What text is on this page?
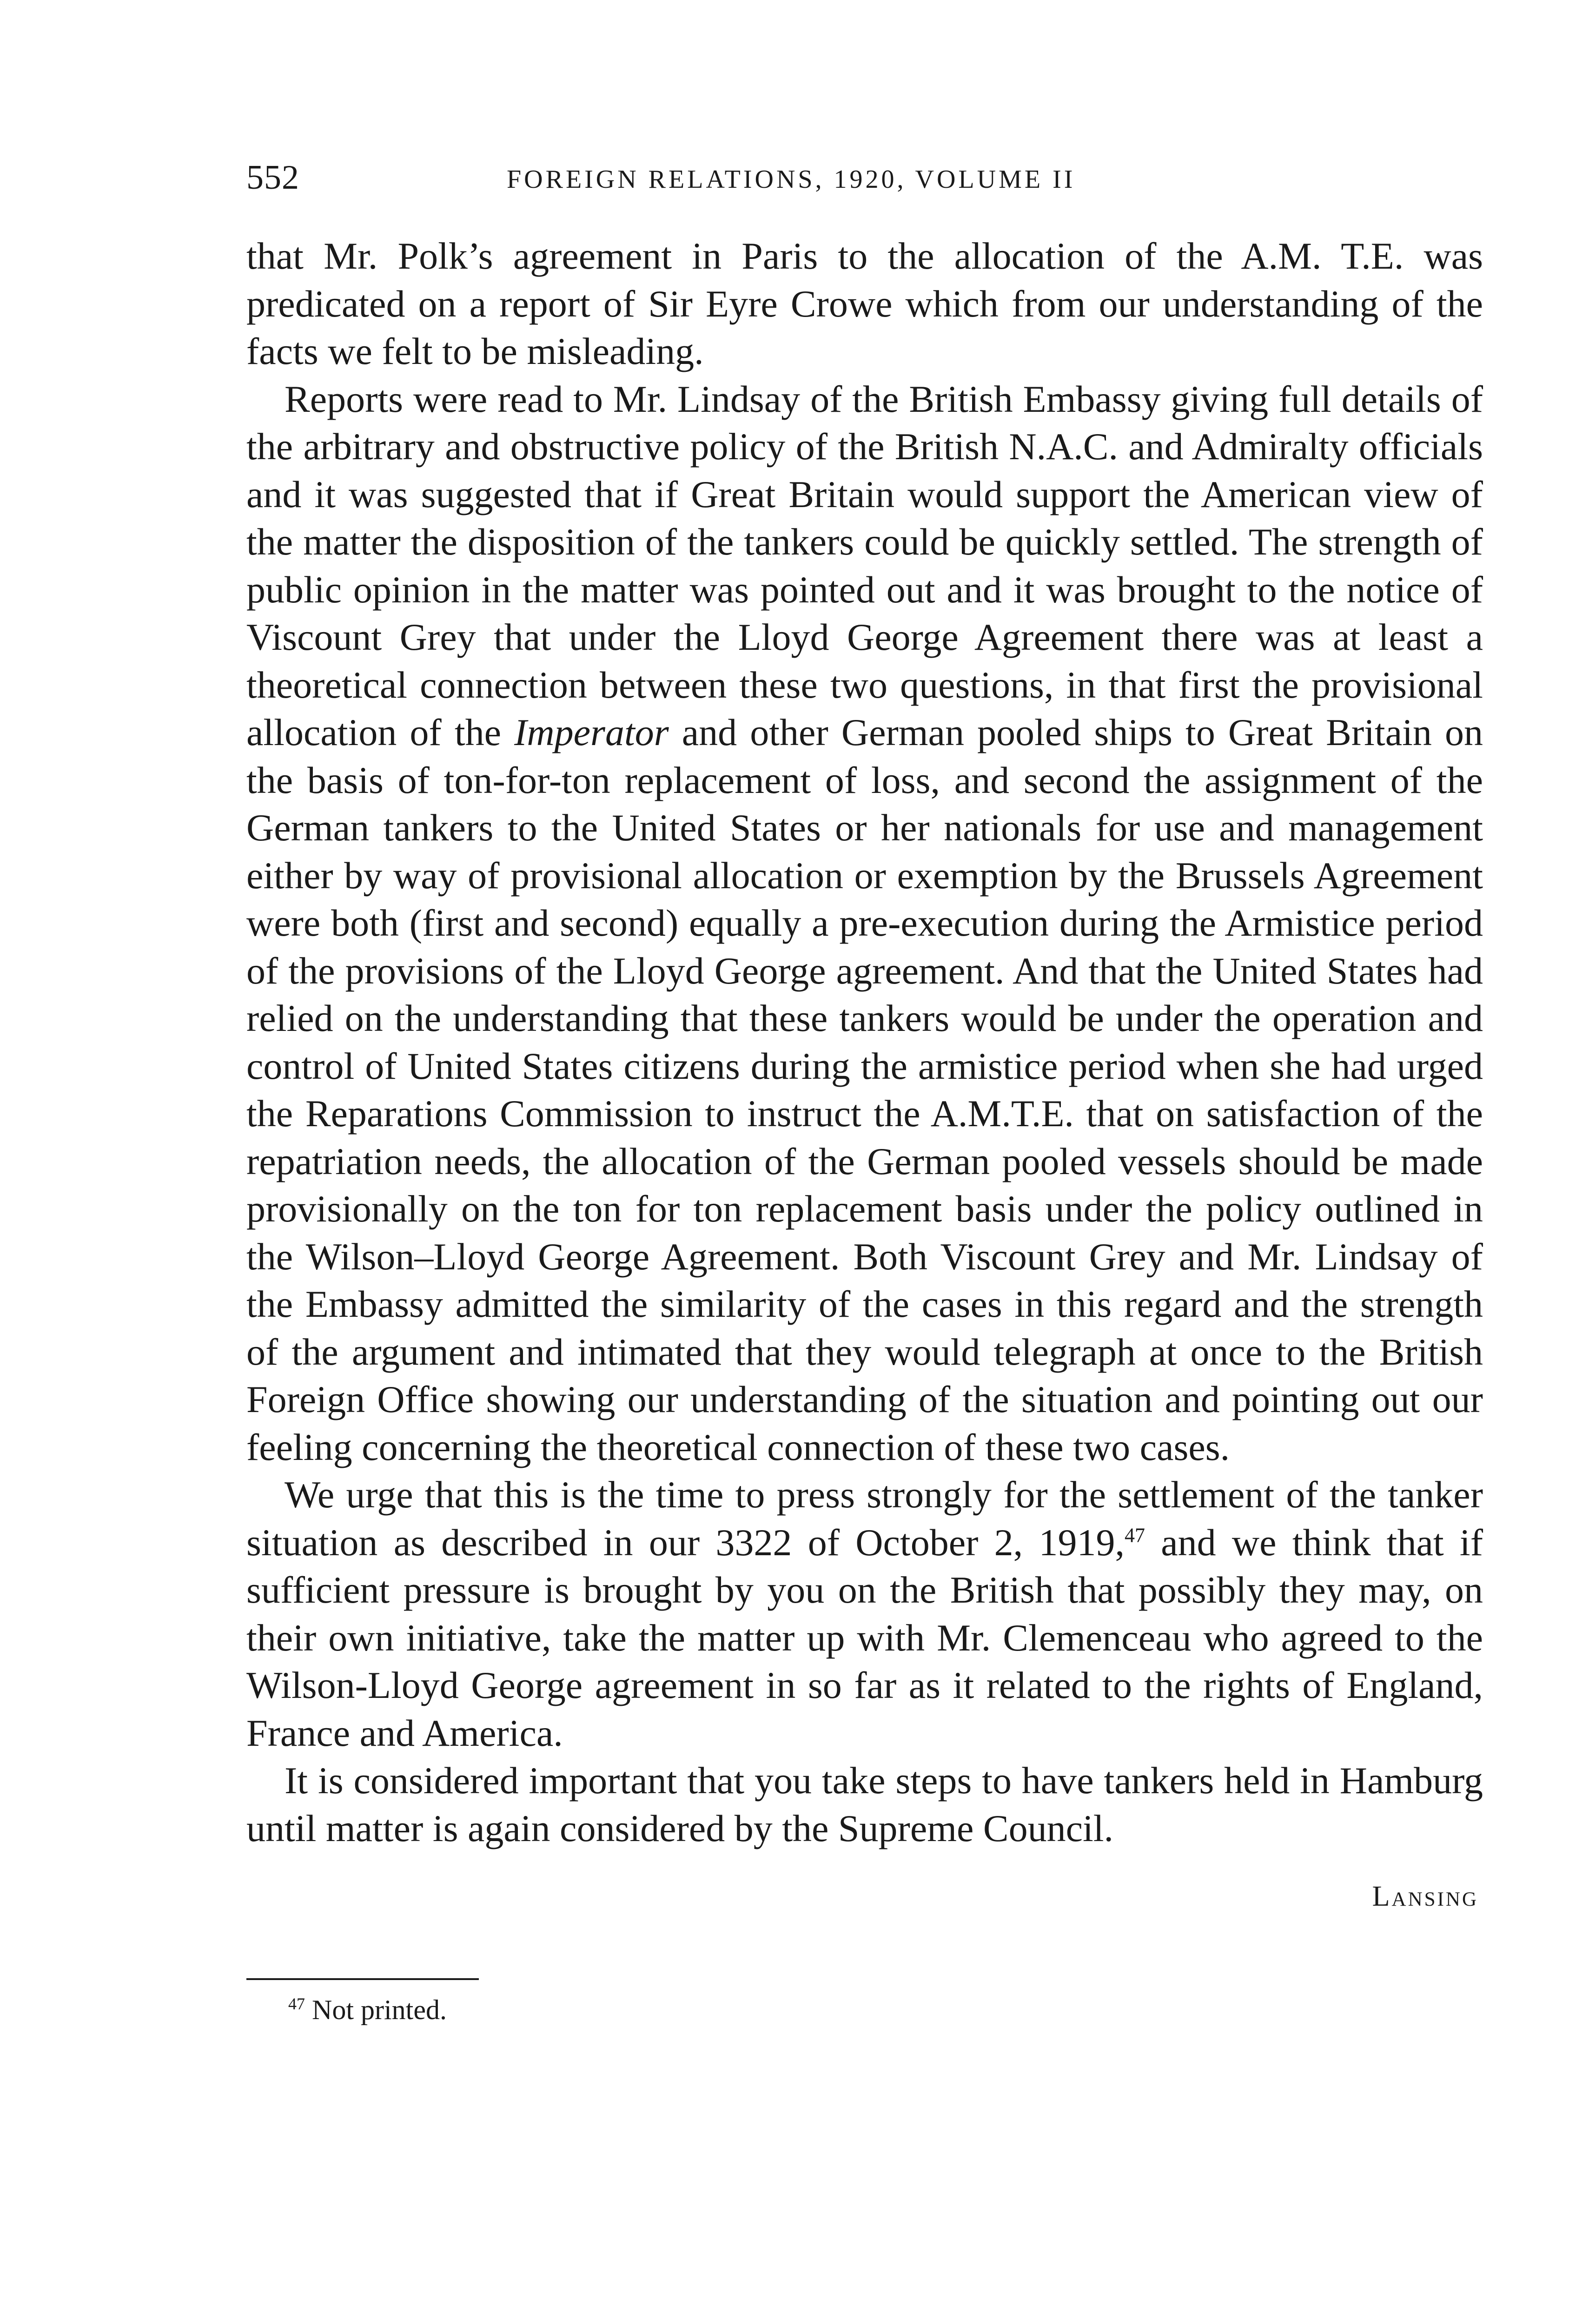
552	FOREIGN RELATIONS, 1920, VOLUME II

that Mr. Polk’s agreement in Paris to the allocation of the A.M. T.E. was predicated on a report of Sir Eyre Crowe which from our understanding of the facts we felt to be misleading.

Reports were read to Mr. Lindsay of the British Embassy giving full details of the arbitrary and obstructive policy of the British N.A.C. and Admiralty officials and it was suggested that if Great Britain would support the American view of the matter the disposition of the tankers could be quickly settled. The strength of public opinion in the matter was pointed out and it was brought to the notice of Viscount Grey that under the Lloyd George Agreement there was at least a theoretical connection between these two questions, in that first the provisional allocation of the Imperator and other German pooled ships to Great Britain on the basis of ton-for-ton replacement of loss, and second the assignment of the German tankers to the United States or her nationals for use and management either by way of provisional allocation or exemption by the Brussels Agreement were both (first and second) equally a pre-execution during the Armistice period of the provisions of the Lloyd George agreement. And that the United States had relied on the understanding that these tankers would be under the operation and control of United States citizens during the armistice period when she had urged the Reparations Commission to instruct the A.M.T.E. that on satisfaction of the repatriation needs, the allocation of the German pooled vessels should be made provisionally on the ton for ton replacement basis under the policy outlined in the Wilson–Lloyd George Agreement. Both Viscount Grey and Mr. Lindsay of the Embassy admitted the similarity of the cases in this regard and the strength of the argument and intimated that they would telegraph at once to the British Foreign Office showing our understanding of the situation and pointing out our feeling concerning the theoretical connection of these two cases.

We urge that this is the time to press strongly for the settlement of the tanker situation as described in our 3322 of October 2, 1919,47 and we think that if sufficient pressure is brought by you on the British that possibly they may, on their own initiative, take the matter up with Mr. Clemenceau who agreed to the Wilson-Lloyd George agreement in so far as it related to the rights of England, France and America.

It is considered important that you take steps to have tankers held in Hamburg until matter is again considered by the Supreme Council.

Lansing
$^{47}$ Not printed.
